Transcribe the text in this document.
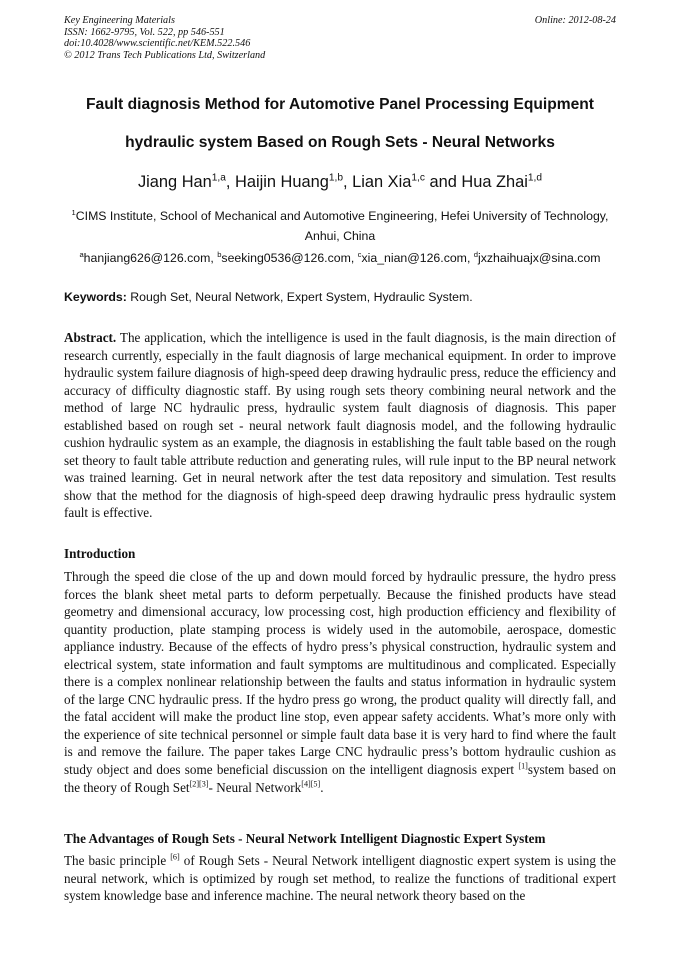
Key Engineering Materials
ISSN: 1662-9795, Vol. 522, pp 546-551
doi:10.4028/www.scientific.net/KEM.522.546
© 2012 Trans Tech Publications Ltd, Switzerland
Online: 2012-08-24
Fault diagnosis Method for Automotive Panel Processing Equipment
hydraulic system Based on Rough Sets - Neural Networks
Jiang Han$^{1,a}$, Haijin Huang$^{1,b}$, Lian Xia$^{1,c}$ and Hua Zhai$^{1,d}$
$^1$CIMS Institute, School of Mechanical and Automotive Engineering, Hefei University of Technology, Anhui, China
$^a$hanjiang626@126.com, $^b$seeking0536@126.com, $^c$xia_nian@126.com, $^d$jxzhaihuajx@sina.com
Keywords: Rough Set, Neural Network, Expert System, Hydraulic System.

Abstract. The application, which the intelligence is used in the fault diagnosis, is the main direction of research currently, especially in the fault diagnosis of large mechanical equipment. In order to improve hydraulic system failure diagnosis of high-speed deep drawing hydraulic press, reduce the efficiency and accuracy of difficulty diagnostic staff. By using rough sets theory combining neural network and the method of large NC hydraulic press, hydraulic system fault diagnosis of diagnosis. This paper established based on rough set - neural network fault diagnosis model, and the following hydraulic cushion hydraulic system as an example, the diagnosis in establishing the fault table based on the rough set theory to fault table attribute reduction and generating rules, will rule input to the BP neural network was trained learning. Get in neural network after the test data repository and simulation. Test results show that the method for the diagnosis of high-speed deep drawing hydraulic press hydraulic system fault is effective.

Introduction

Through the speed die close of the up and down mould forced by hydraulic pressure, the hydro press forces the blank sheet metal parts to deform perpetually. Because the finished products have stead geometry and dimensional accuracy, low processing cost, high production efficiency and flexibility of quantity production, plate stamping process is widely used in the automobile, aerospace, domestic appliance industry. Because of the effects of hydro press’s physical construction, hydraulic system and electrical system, state information and fault symptoms are multitudinous and complicated. Especially there is a complex nonlinear relationship between the faults and status information in hydraulic system of the large CNC hydraulic press. If the hydro press go wrong, the product quality will directly fall, and the fatal accident will make the product line stop, even appear safety accidents. What’s more only with the experience of site technical personnel or simple fault data base it is very hard to find where the fault is and remove the failure. The paper takes Large CNC hydraulic press’s bottom hydraulic cushion as study object and does some beneficial discussion on the intelligent diagnosis expert [1]system based on the theory of Rough Set[2][3]- Neural Network[4][5].

The Advantages of Rough Sets - Neural Network Intelligent Diagnostic Expert System

The basic principle [6] of Rough Sets - Neural Network intelligent diagnostic expert system is using the neural network, which is optimized by rough set method, to realize the functions of traditional expert system knowledge base and inference machine. The neural network theory based on the
